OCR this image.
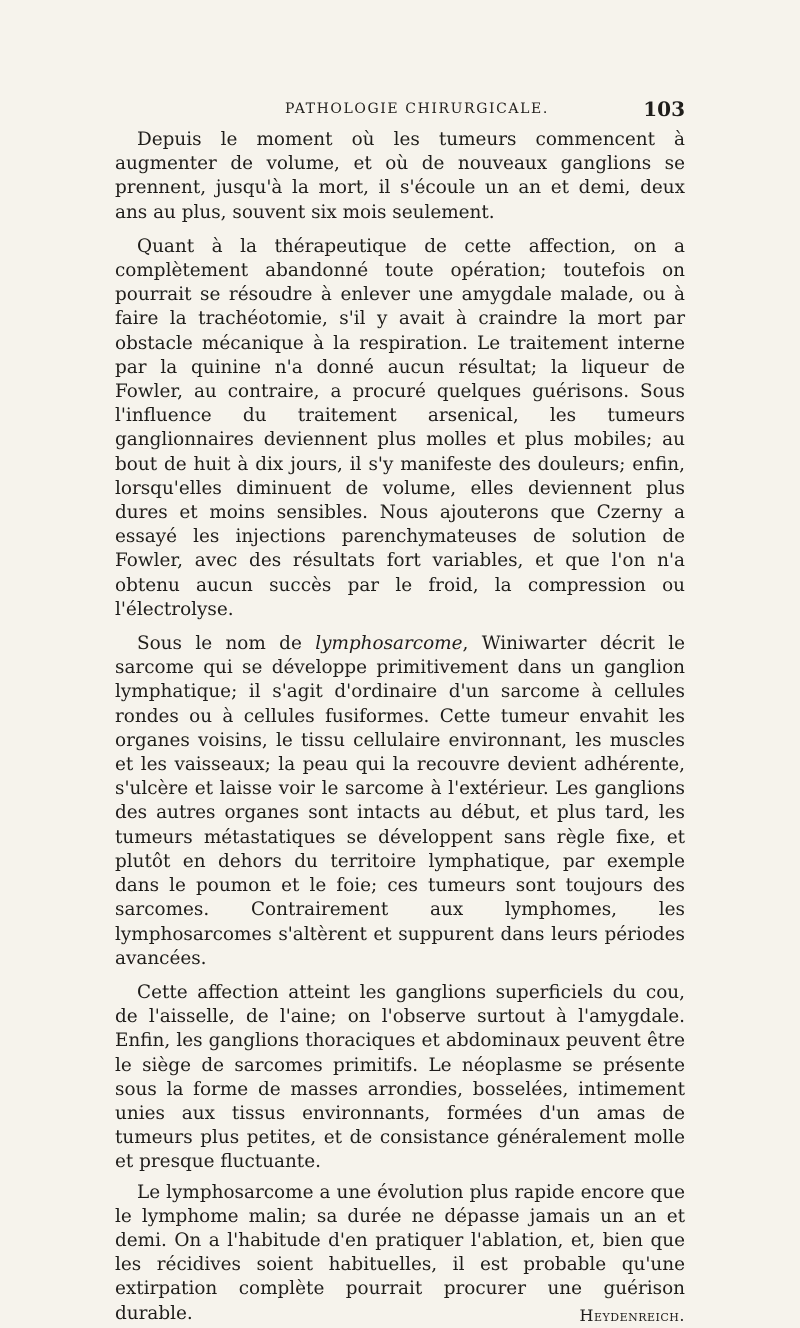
PATHOLOGIE CHIRURGICALE.	103

Depuis le moment où les tumeurs commencent à augmenter de volume, et où de nouveaux ganglions se prennent, jusqu'à la mort, il s'écoule un an et demi, deux ans au plus, souvent six mois seulement.

Quant à la thérapeutique de cette affection, on a complètement abandonné toute opération; toutefois on pourrait se résoudre à enlever une amygdale malade, ou à faire la trachéotomie, s'il y avait à craindre la mort par obstacle mécanique à la respiration. Le traitement interne par la quinine n'a donné aucun résultat; la liqueur de Fowler, au contraire, a procuré quelques guérisons. Sous l'influence du traitement arsenical, les tumeurs ganglionnaires deviennent plus molles et plus mobiles; au bout de huit à dix jours, il s'y manifeste des douleurs; enfin, lorsqu'elles diminuent de volume, elles deviennent plus dures et moins sensibles. Nous ajouterons que Czerny a essayé les injections parenchymateuses de solution de Fowler, avec des résultats fort variables, et que l'on n'a obtenu aucun succès par le froid, la compression ou l'électrolyse.

Sous le nom de lymphosarcome, Winiwarter décrit le sarcome qui se développe primitivement dans un ganglion lymphatique; il s'agit d'ordinaire d'un sarcome à cellules rondes ou à cellules fusiformes. Cette tumeur envahit les organes voisins, le tissu cellulaire environnant, les muscles et les vaisseaux; la peau qui la recouvre devient adhérente, s'ulcère et laisse voir le sarcome à l'extérieur. Les ganglions des autres organes sont intacts au début, et plus tard, les tumeurs métastatiques se développent sans règle fixe, et plutôt en dehors du territoire lymphatique, par exemple dans le poumon et le foie; ces tumeurs sont toujours des sarcomes. Contrairement aux lymphomes, les lymphosarcomes s'altèrent et suppurent dans leurs périodes avancées.

Cette affection atteint les ganglions superficiels du cou, de l'aisselle, de l'aine; on l'observe surtout à l'amygdale. Enfin, les ganglions thoraciques et abdominaux peuvent être le siège de sarcomes primitifs. Le néoplasme se présente sous la forme de masses arrondies, bosselées, intimement unies aux tissus environnants, formées d'un amas de tumeurs plus petites, et de consistance généralement molle et presque fluctuante.

Le lymphosarcome a une évolution plus rapide encore que le lymphome malin; sa durée ne dépasse jamais un an et demi. On a l'habitude d'en pratiquer l'ablation, et, bien que les récidives soient habituelles, il est probable qu'une extirpation complète pourrait procurer une guérison durable.	Heydenreich.
